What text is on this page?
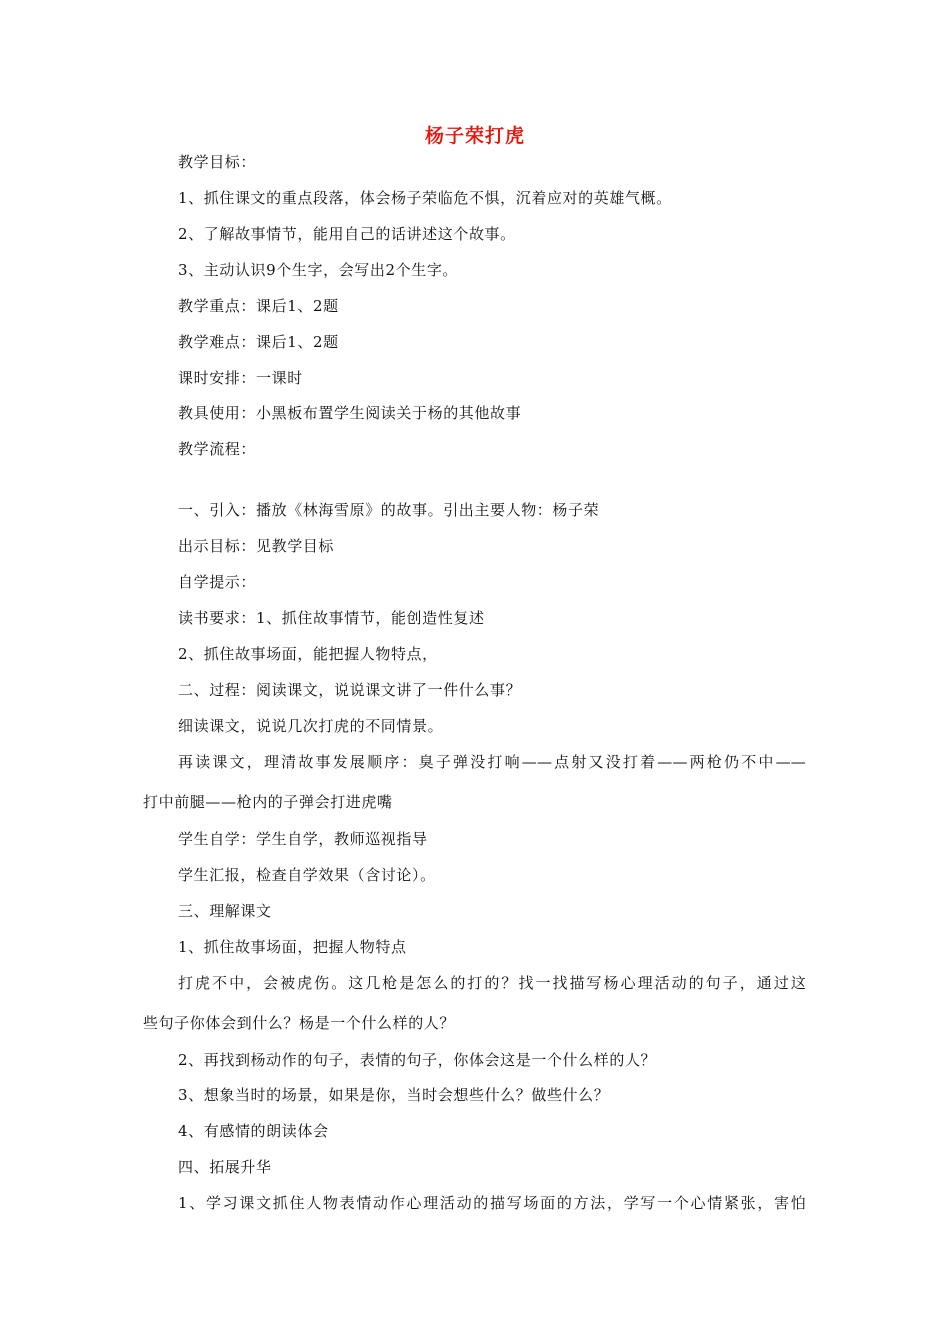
杨子荣打虎
教学目标：
1、抓住课文的重点段落，体会杨子荣临危不惧，沉着应对的英雄气概。
2、了解故事情节，能用自己的话讲述这个故事。
3、主动认识9个生字，会写出2个生字。
教学重点：课后1、2题
教学难点：课后1、2题
课时安排：一课时
教具使用：小黑板布置学生阅读关于杨的其他故事
教学流程：
一、引入：播放《林海雪原》的故事。引出主要人物：杨子荣
出示目标：见教学目标
自学提示：
读书要求：1、抓住故事情节，能创造性复述
2、抓住故事场面，能把握人物特点，
二、过程：阅读课文，说说课文讲了一件什么事？
细读课文，说说几次打虎的不同情景。
再读课文，理清故事发展顺序：臭子弹没打响——点射又没打着——两枪仍不中——
打中前腿——枪内的子弹会打进虎嘴
学生自学：学生自学，教师巡视指导
学生汇报，检查自学效果（含讨论）。
三、理解课文
1、抓住故事场面，把握人物特点
打虎不中，会被虎伤。这几枪是怎么的打的？找一找描写杨心理活动的句子，通过这
些句子你体会到什么？杨是一个什么样的人？
2、再找到杨动作的句子，表情的句子，你体会这是一个什么样的人？
3、想象当时的场景，如果是你，当时会想些什么？做些什么？
4、有感情的朗读体会
四、拓展升华
1、学习课文抓住人物表情动作心理活动的描写场面的方法，学写一个心情紧张，害怕
